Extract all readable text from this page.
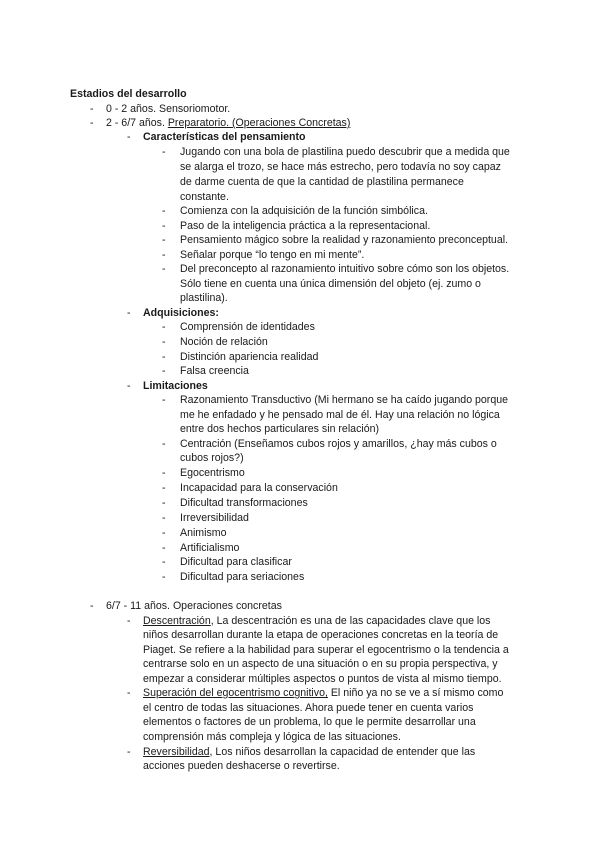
Estadios del desarrollo
- 0 - 2 años. Sensoriomotor.
- 2 - 6/7 años. Preparatorio. (Operaciones Concretas)
- Características del pensamiento
- Jugando con una bola de plastilina puedo descubrir que a medida que
se alarga el trozo, se hace más estrecho, pero todavía no soy capaz
de darme cuenta de que la cantidad de plastilina permanece
constante.
- Comienza con la adquisición de la función simbólica.
- Paso de la inteligencia práctica a la representacional.
- Pensamiento mágico sobre la realidad y razonamiento preconceptual.
- Señalar porque “lo tengo en mi mente”.
- Del preconcepto al razonamiento intuitivo sobre cómo son los objetos.
Sólo tiene en cuenta una única dimensión del objeto (ej. zumo o
plastilina).
- Adquisiciones:
- Comprensión de identidades
- Noción de relación
- Distinción apariencia realidad
- Falsa creencia
- Limitaciones
- Razonamiento Transductivo (Mi hermano se ha caído jugando porque
me he enfadado y he pensado mal de él. Hay una relación no lógica
entre dos hechos particulares sin relación)
- Centración (Enseñamos cubos rojos y amarillos, ¿hay más cubos o
cubos rojos?)
- Egocentrismo
- Incapacidad para la conservación
- Dificultad transformaciones
- Irreversibilidad
- Animismo
- Artificialismo
- Dificultad para clasificar
- Dificultad para seriaciones
- 6/7 - 11 años. Operaciones concretas
- Descentración, La descentración es una de las capacidades clave que los
niños desarrollan durante la etapa de operaciones concretas en la teoría de
Piaget. Se refiere a la habilidad para superar el egocentrismo o la tendencia a
centrarse solo en un aspecto de una situación o en su propia perspectiva, y
empezar a considerar múltiples aspectos o puntos de vista al mismo tiempo.
- Superación del egocentrismo cognitivo, El niño ya no se ve a sí mismo como
el centro de todas las situaciones. Ahora puede tener en cuenta varios
elementos o factores de un problema, lo que le permite desarrollar una
comprensión más compleja y lógica de las situaciones.
- Reversibilidad, Los niños desarrollan la capacidad de entender que las
acciones pueden deshacerse o revertirse.
